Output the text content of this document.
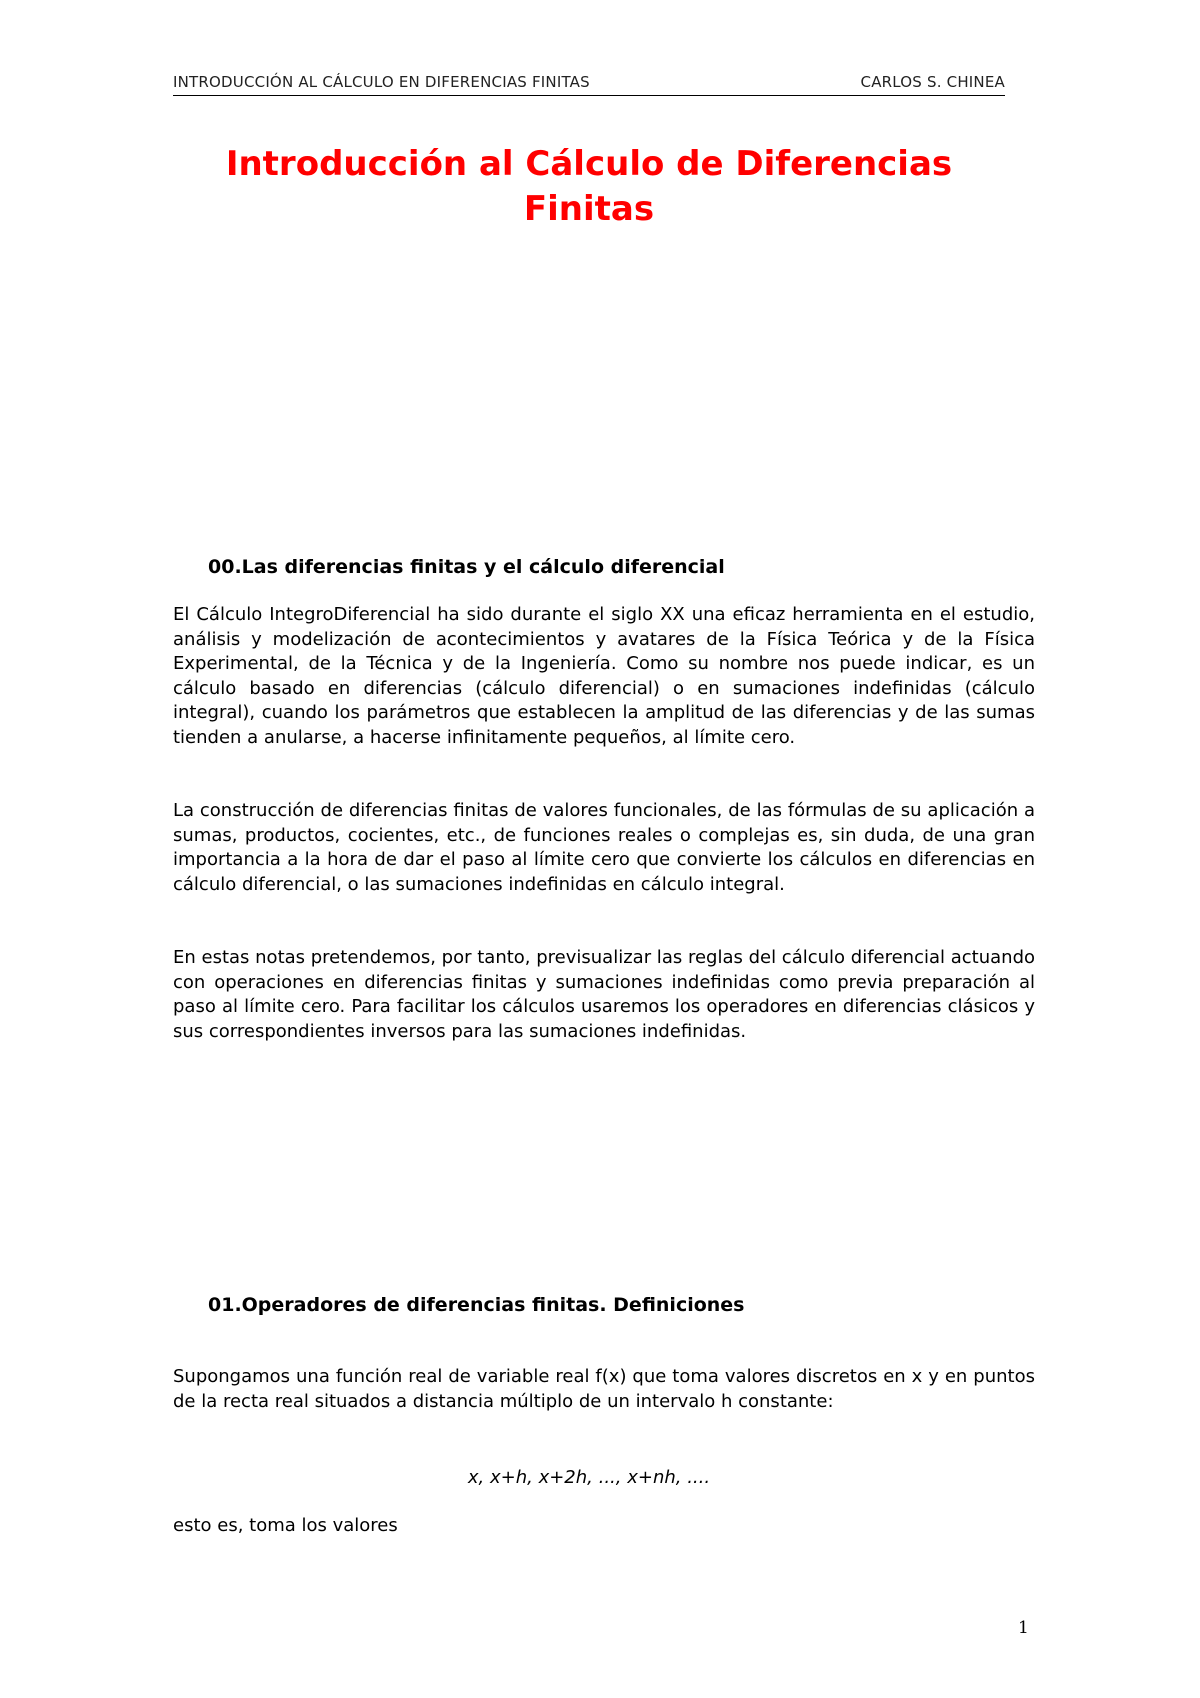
INTRODUCCIÓN AL CÁLCULO EN DIFERENCIAS FINITAS	CARLOS S. CHINEA
Introducción al Cálculo de Diferencias
Finitas
00.Las diferencias finitas y el cálculo diferencial

El Cálculo IntegroDiferencial ha sido durante el siglo XX una eficaz herramienta en el estudio, análisis y modelización de acontecimientos y avatares de la Física Teórica y de la Física Experimental, de la Técnica y de la Ingeniería. Como su nombre nos puede indicar, es un cálculo basado en diferencias (cálculo diferencial) o en sumaciones indefinidas (cálculo integral), cuando los parámetros que establecen la amplitud de las diferencias y de las sumas tienden a anularse, a hacerse infinitamente pequeños, al límite cero.

La construcción de diferencias finitas de valores funcionales, de las fórmulas de su aplicación a sumas, productos, cocientes, etc., de funciones reales o complejas es, sin duda, de una gran importancia a la hora de dar el paso al límite cero que convierte los cálculos en diferencias en cálculo diferencial, o las sumaciones indefinidas en cálculo integral.

En estas notas pretendemos, por tanto, previsualizar las reglas del cálculo diferencial actuando con operaciones en diferencias finitas y sumaciones indefinidas como previa preparación al paso al límite cero. Para facilitar los cálculos usaremos los operadores en diferencias clásicos y sus correspondientes inversos para las sumaciones indefinidas.

01.Operadores de diferencias finitas. Definiciones

Supongamos una función real de variable real f(x) que toma valores discretos en x y en puntos de la recta real situados a distancia múltiplo de un intervalo h constante:

x, x+h, x+2h, ..., x+nh, ....

esto es, toma los valores

1
